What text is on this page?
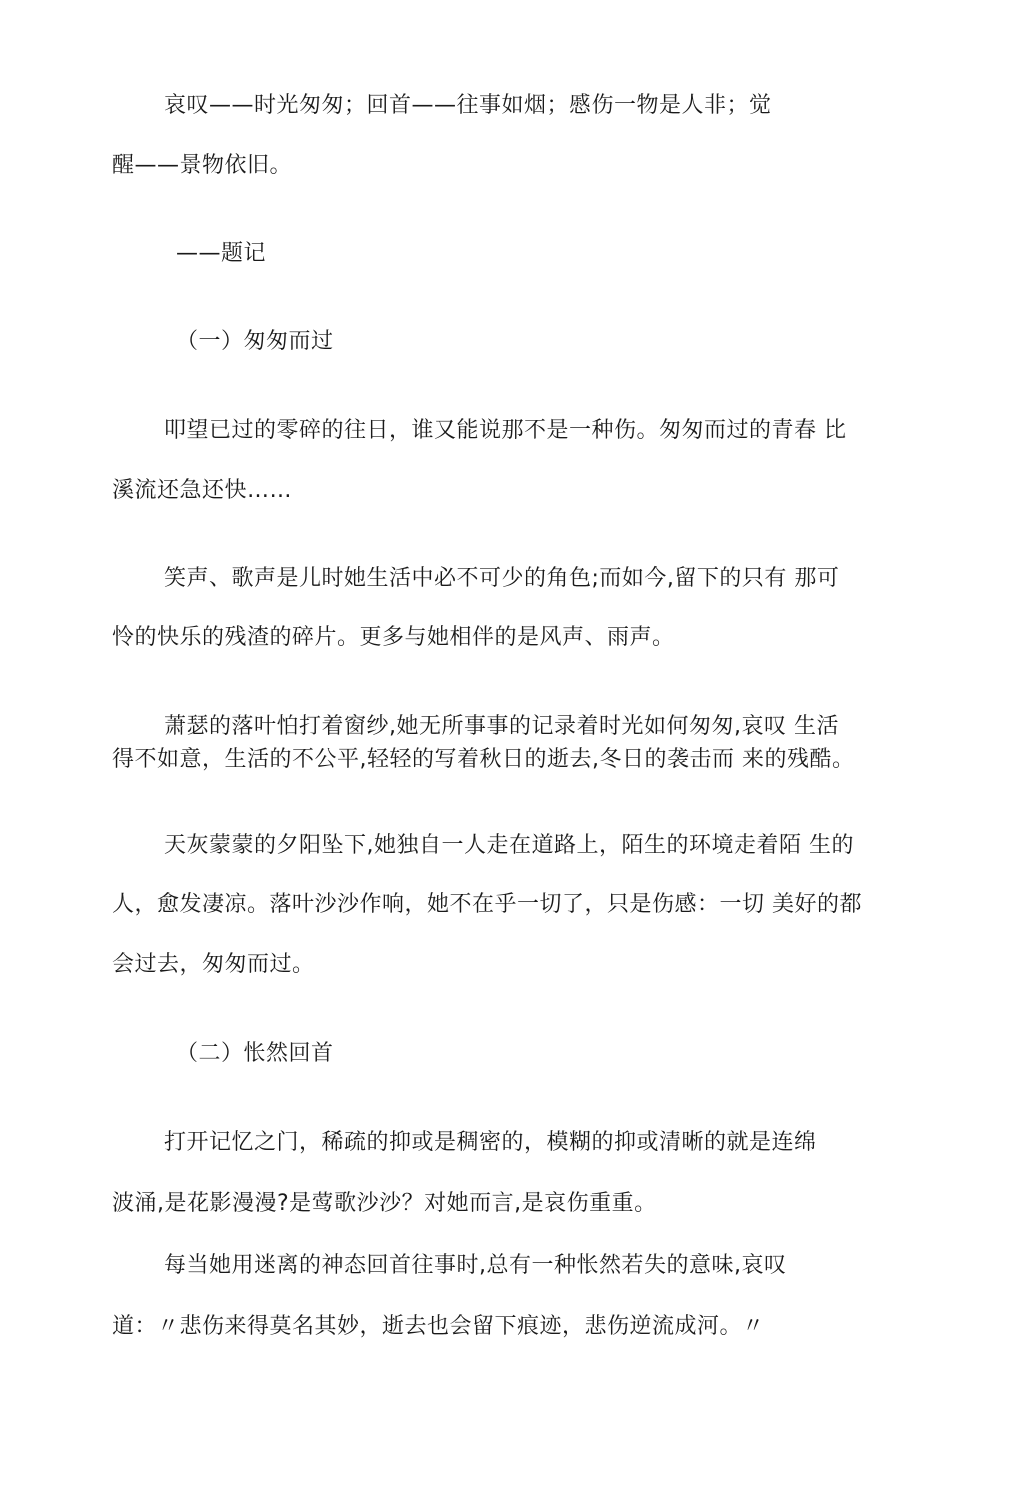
哀叹——时光匆匆；回首——往事如烟；慼伤一物是人非；觉
醒——景物依旧。
——题记
（一）匆匆而过
叩望已过的零碎的往日，谁又能说那不是一种伤。匆匆而过的青春 比
溪流还急还快……
笑声、歌声是儿时她生活中必不可少的角色;而如今,留下的只有 那可
怜的快乐的残渣的碎片。更多与她相伴的是风声、雨声。
萧瑟的落叶怕打着窗纱,她无所事事的记录着时光如何匆匆,哀叹 生活
得不如意，生活的不公平,轻轻的写着秋日的逝去,冬日的袭击而 来的残酷。
天灰蒙蒙的夕阳坠下,她独自一人走在道路上，陌生的环境走着陌 生的
人，愈发凄凉。落叶沙沙作响，她不在乎一切了，只是伤感：一切 美好的都
会过去，匆匆而过。
（二）怅然回首
打开记忆之门，稀疏的抑或是稠密的，模糊的抑或清晰的就是连绵
波涌,是花影漫漫?是莺歌沙沙？对她而言,是哀伤重重。
每当她用迷离的神态回首往事时,总有一种怅然若失的意味,哀叹
道：〃悲伤来得莫名其妙，逝去也会留下痕迹，悲伤逆流成河。〃
